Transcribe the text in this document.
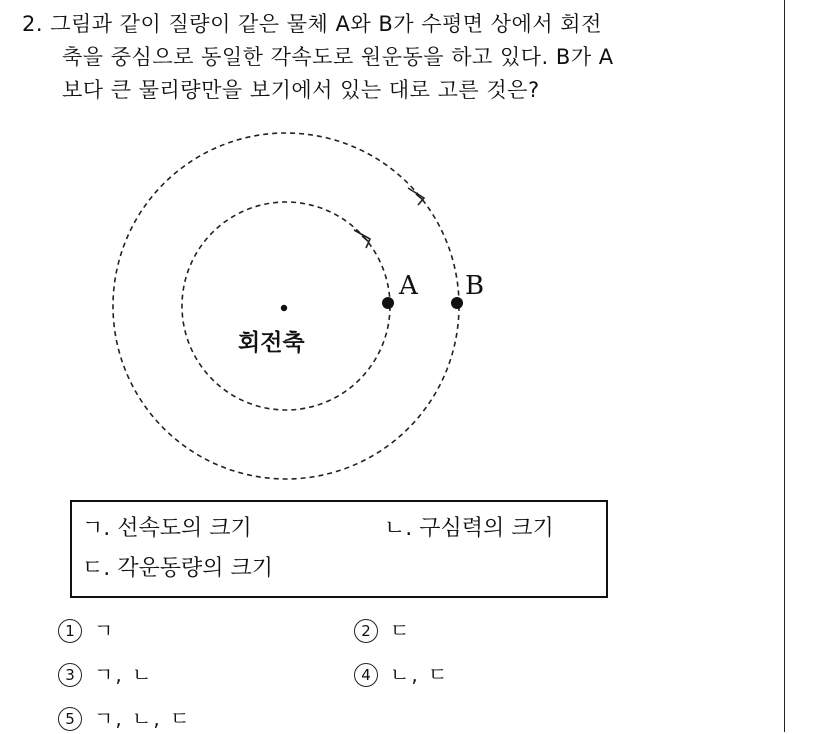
2. 그림과 같이 질량이 같은 물체 A와 B가 수평면 상에서 회전
축을 중심으로 동일한 각속도로 원운동을 하고 있다. B가 A
보다 큰 물리량만을 보기에서 있는 대로 고른 것은?
회전축
A B
ㄱ. 선속도의 크기	ㄴ. 구심력의 크기
ㄷ. 각운동량의 크기
1 ㄱ	2 ㄷ
3 ㄱ, ㄴ	4 ㄴ, ㄷ
5 ㄱ, ㄴ, ㄷ
